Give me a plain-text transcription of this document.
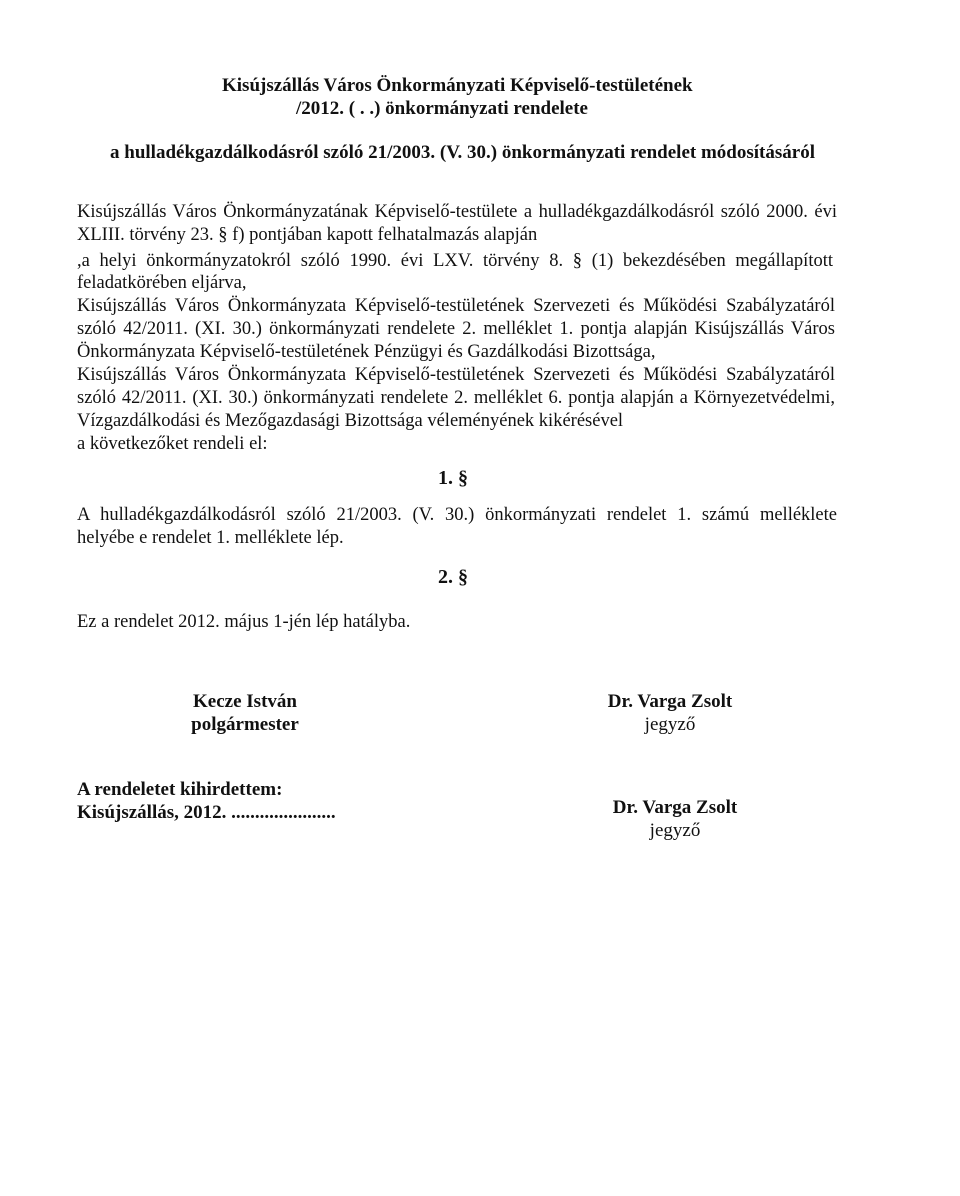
Kisújszállás Város Önkormányzati Képviselő-testületének
/2012. ( . .) önkormányzati rendelete
a hulladékgazdálkodásról szóló 21/2003. (V. 30.) önkormányzati rendelet módosításáról
Kisújszállás Város Önkormányzatának Képviselő-testülete a hulladékgazdálkodásról szóló 2000. évi
XLIII. törvény 23. § f) pontjában kapott felhatalmazás alapján
,a helyi önkormányzatokról szóló 1990. évi LXV. törvény 8. § (1) bekezdésében megállapított
feladatkörében eljárva,
Kisújszállás Város Önkormányzata Képviselő-testületének Szervezeti és Működési Szabályzatáról
szóló 42/2011. (XI. 30.) önkormányzati rendelete 2. melléklet 1. pontja alapján Kisújszállás Város
Önkormányzata Képviselő-testületének Pénzügyi és Gazdálkodási Bizottsága,
Kisújszállás Város Önkormányzata Képviselő-testületének Szervezeti és Működési Szabályzatáról
szóló 42/2011. (XI. 30.) önkormányzati rendelete 2. melléklet 6. pontja alapján a Környezetvédelmi,
Vízgazdálkodási és Mezőgazdasági Bizottsága véleményének kikérésével
a következőket rendeli el:
1. §
A hulladékgazdálkodásról szóló 21/2003. (V. 30.) önkormányzati rendelet 1. számú melléklete
helyébe e rendelet 1. melléklete lép.
2. §
Ez a rendelet 2012. május 1-jén lép hatályba.
Kecze István
polgármester
Dr. Varga Zsolt
jegyző
A rendeletet kihirdettem:
Kisújszállás, 2012. ......................	Dr. Varga Zsolt
jegyző
